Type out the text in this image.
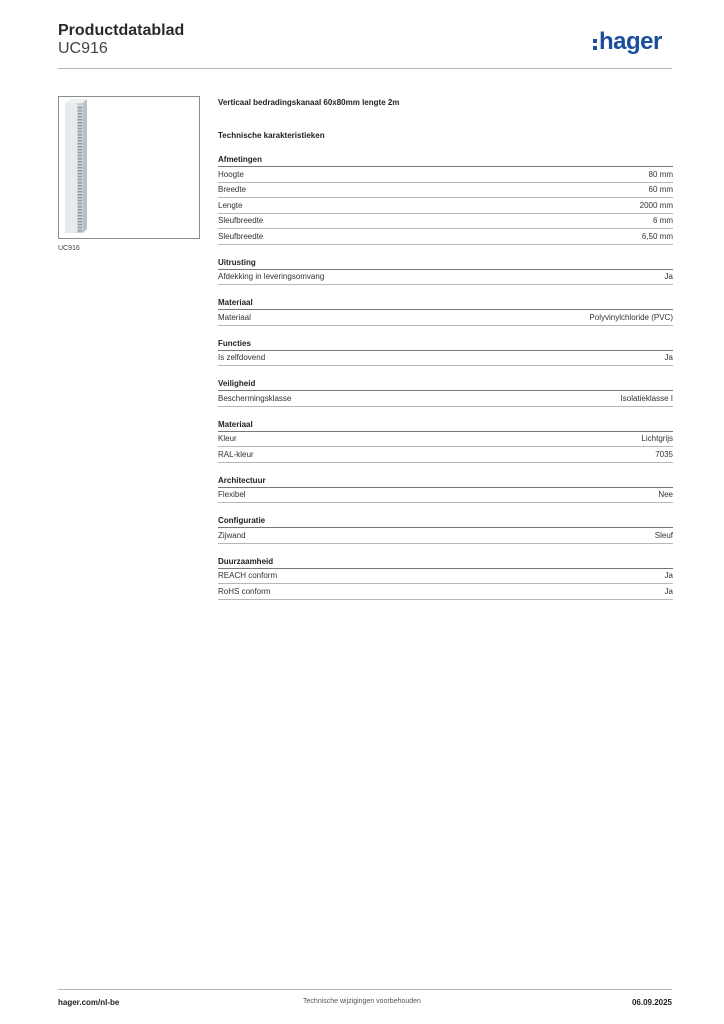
Productdatablad
UC916	hager
UC916
Verticaal bedradingskanaal 60x80mm lengte 2m
Technische karakteristieken
Afmetingen
Hoogte	80 mm
Breedte	60 mm
Lengte	2000 mm
Sleufbreedte	6 mm
Sleufbreedte	6,50 mm
Uitrusting
Afdekking in leveringsomvang	Ja
Materiaal
Materiaal	Polyvinylchloride (PVC)
Functies
Is zelfdovend	Ja
Veiligheid
Beschermingsklasse	Isolatieklasse I
Materiaal
Kleur	Lichtgrijs
RAL-kleur	7035
Architectuur
Flexibel	Nee
Configuratie
Zijwand	Sleuf
Duurzaamheid
REACH conform	Ja
RoHS conform	Ja
hager.com/nl-be	Technische wijzigingen voorbehouden	06.09.2025
